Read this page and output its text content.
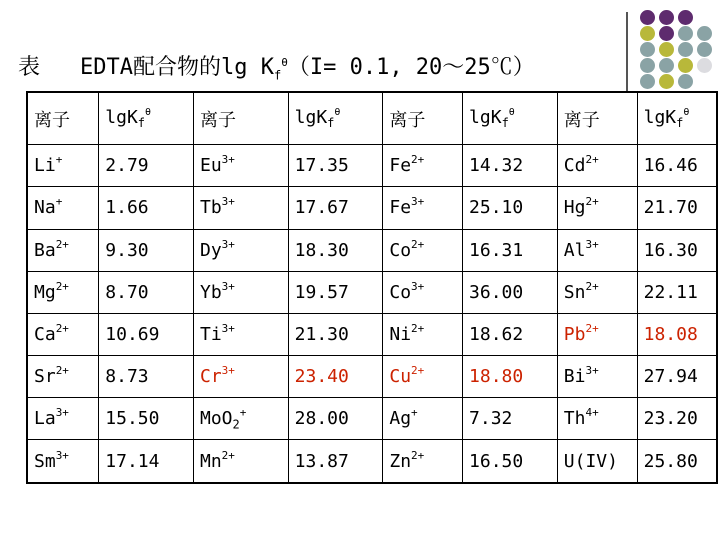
表 EDTA配合物的$\lg K_f^\theta(I= 0.1$, 20～25℃）
离子	lgK$_f^\theta$	离子	lgK$_f^\theta$	离子	lgK$_f^\theta$	离子	lgK$_f^\theta$
Li+	2.79	$Eu^{3+}$	17.35	$Fe^{2+}$	14.32	$Cd^{2+}$	16.46
Na+	1.66	$Tb^{3+}$	17.67	$Fe^{3+}$	25.10	$Hg^{2+}$	21.70
$Ba^{2+}$	9.30	$Dy^{3+}$	18.30	$Co^{2+}$	16.31	$Al^{3+}$	16.30
$Mg^{2+}$	8.70	$Yb^{3+}$	19.57	$Co^{3+}$	36.00	$Sn^{2+}$	22.11
$Ca^{2+}$	10.69	$Ti^{3+}$	21.30	$Ni^{2+}$	18.62	$Pb^{2+}$	18.08
$Sr^{2+}$	8.73	$Cr^{3+}$	23.40	$Cu^{2+}$	18.80	$Bi^{3+}$	27.94
$La^{3+}$	15.50	MoO$_2$+	28.00	Ag+	7.32	$Th^{4+}$	23.20
$Sm^{3+}$	17.14	$Mn^{2+}$	13.87	$Zn^{2+}$	16.50	U(IV)	25.80
